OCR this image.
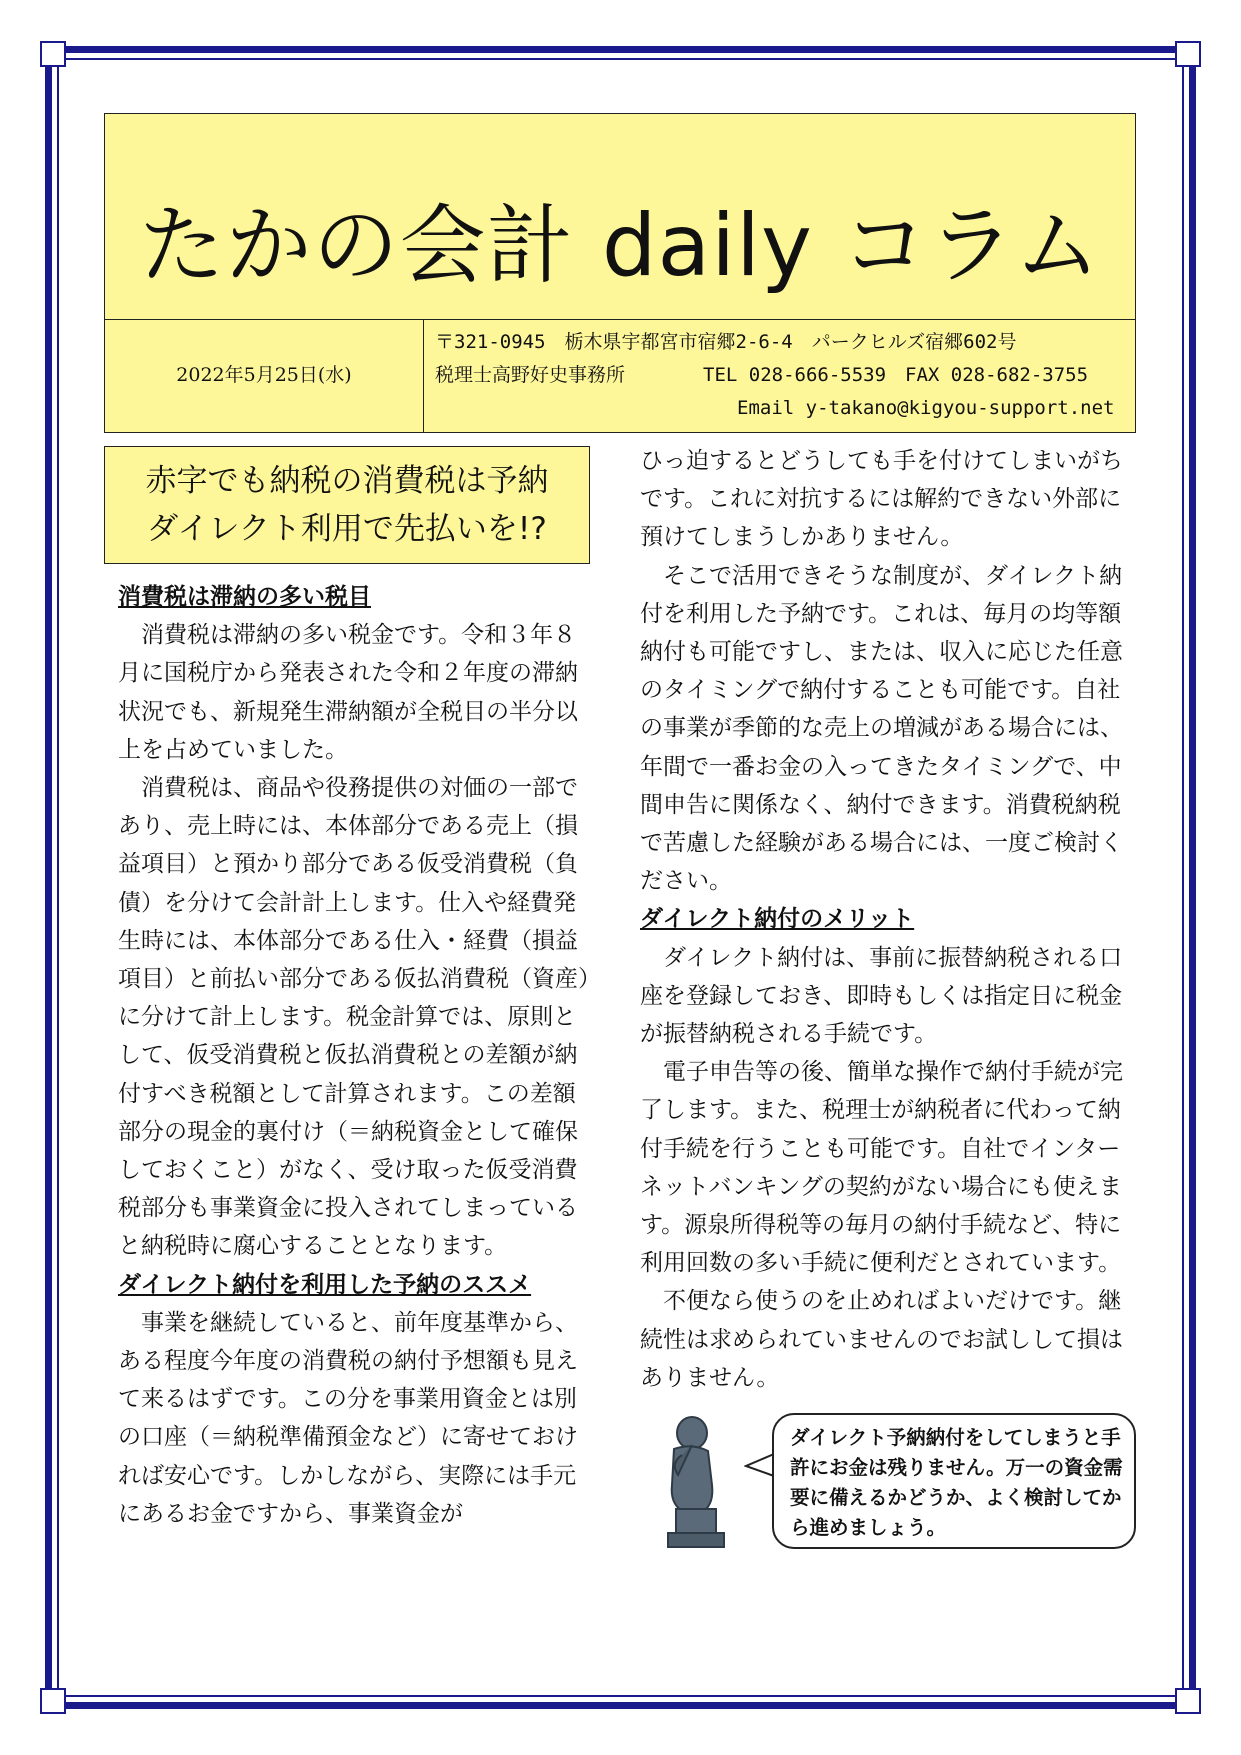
たかの会計 daily コラム
2022年5月25日(水)
〒321-0945　栃木県宇都宮市宿郷2-6-4　パークヒルズ宿郷602号
税理士高野好史事務所	TEL 028-666-5539　FAX 028-682-3755
Email y-takano@kigyou-support.net
赤字でも納税の消費税は予納
ダイレクト利用で先払いを!?

消費税は滞納の多い税目

消費税は滞納の多い税金です。令和３年８月に国税庁から発表された令和２年度の滞納状況でも、新規発生滞納額が全税目の半分以上を占めていました。

消費税は、商品や役務提供の対価の一部であり、売上時には、本体部分である売上（損益項目）と預かり部分である仮受消費税（負債）を分けて会計計上します。仕入や経費発生時には、本体部分である仕入・経費（損益項目）と前払い部分である仮払消費税（資産）に分けて計上します。税金計算では、原則として、仮受消費税と仮払消費税との差額が納付すべき税額として計算されます。この差額部分の現金的裏付け（＝納税資金として確保しておくこと）がなく、受け取った仮受消費税部分も事業資金に投入されてしまっていると納税時に腐心することとなります。

ダイレクト納付を利用した予納のススメ

事業を継続していると、前年度基準から、ある程度今年度の消費税の納付予想額も見えて来るはずです。この分を事業用資金とは別の口座（＝納税準備預金など）に寄せておければ安心です。しかしながら、実際には手元にあるお金ですから、事業資金が

ひっ迫するとどうしても手を付けてしまいがちです。これに対抗するには解約できない外部に預けてしまうしかありません。

そこで活用できそうな制度が、ダイレクト納付を利用した予納です。これは、毎月の均等額納付も可能ですし、または、収入に応じた任意のタイミングで納付することも可能です。自社の事業が季節的な売上の増減がある場合には、年間で一番お金の入ってきたタイミングで、中間申告に関係なく、納付できます。消費税納税で苦慮した経験がある場合には、一度ご検討ください。

ダイレクト納付のメリット

ダイレクト納付は、事前に振替納税される口座を登録しておき、即時もしくは指定日に税金が振替納税される手続です。

電子申告等の後、簡単な操作で納付手続が完了します。また、税理士が納税者に代わって納付手続を行うことも可能です。自社でインターネットバンキングの契約がない場合にも使えます。源泉所得税等の毎月の納付手続など、特に利用回数の多い手続に便利だとされています。

不便なら使うのを止めればよいだけです。継続性は求められていませんのでお試しして損はありません。

ダイレクト予納納付をしてしまうと手許にお金は残りません。万一の資金需要に備えるかどうか、よく検討してから進めましょう。
